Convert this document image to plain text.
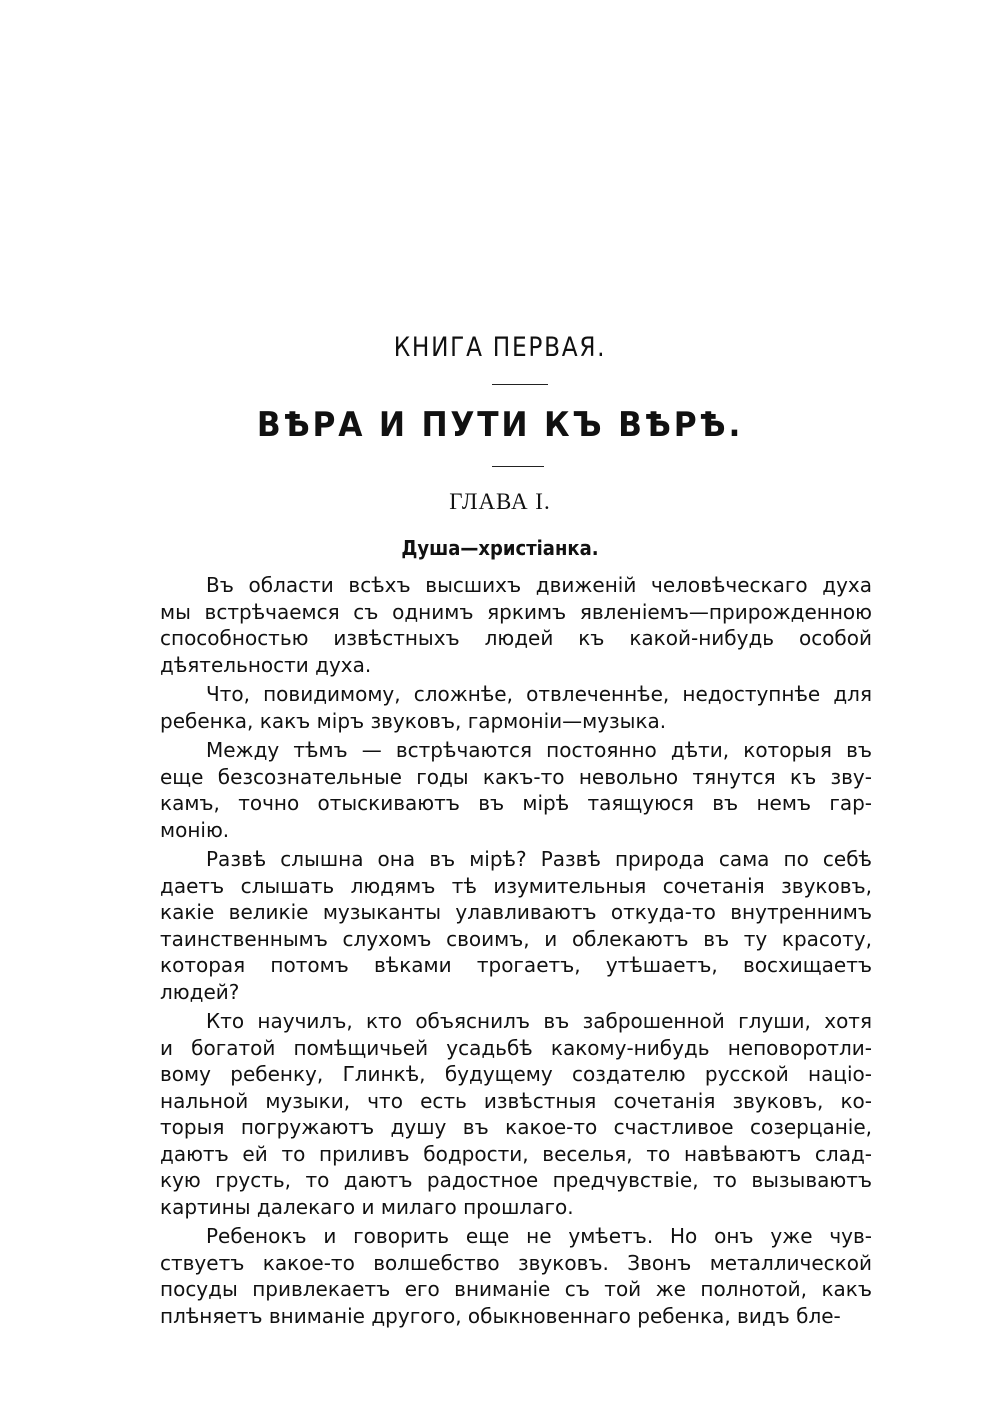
КНИГА ПЕРВАЯ.
ВѢРА И ПУТИ КЪ ВѢРѢ.
ГЛАВА I.
Душа—христіанка.
Въ области всѣхъ высшихъ движеній человѣческаго духа
мы встрѣчаемся съ однимъ яркимъ явленіемъ—прирожденною
способностью извѣстныхъ людей къ какой-нибудь особой
дѣятельности духа.
Что, повидимому, сложнѣе, отвлеченнѣе, недоступнѣе для
ребенка, какъ міръ звуковъ, гармоніи—музыка.
Между тѣмъ — встрѣчаются постоянно дѣти, которыя въ
еще безсознательные годы какъ-то невольно тянутся къ зву-
камъ, точно отыскиваютъ въ мірѣ таящуюся въ немъ гар-
монію.
Развѣ слышна она въ мірѣ? Развѣ природа сама по себѣ
даетъ слышать людямъ тѣ изумительныя сочетанія звуковъ,
какіе великіе музыканты улавливаютъ откуда-то внутреннимъ
таинственнымъ слухомъ своимъ, и облекаютъ въ ту красоту,
которая потомъ вѣками трогаетъ, утѣшаетъ, восхищаетъ
людей?
Кто научилъ, кто объяснилъ въ заброшенной глуши, хотя
и богатой помѣщичьей усадьбѣ какому-нибудь неповоротли-
вому ребенку, Глинкѣ, будущему создателю русской націо-
нальной музыки, что есть извѣстныя сочетанія звуковъ, ко-
торыя погружаютъ душу въ какое-то счастливое созерцаніе,
даютъ ей то приливъ бодрости, веселья, то навѣваютъ слад-
кую грусть, то даютъ радостное предчувствіе, то вызываютъ
картины далекаго и милаго прошлаго.
Ребенокъ и говорить еще не умѣетъ. Но онъ уже чув-
ствуетъ какое-то волшебство звуковъ. Звонъ металлической
посуды привлекаетъ его вниманіе съ той же полнотой, какъ
плѣняетъ вниманіе другого, обыкновеннаго ребенка, видъ бле-
